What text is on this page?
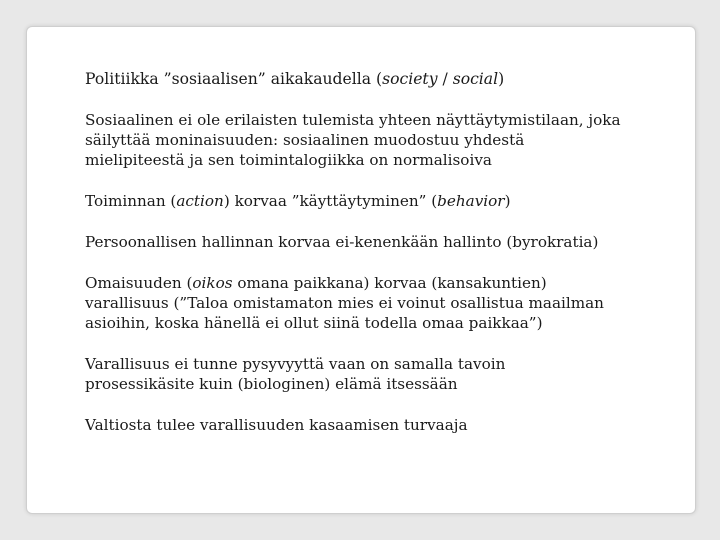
Politiikka ”sosiaalisen” aikakaudella (society / social)

Sosiaalinen ei ole erilaisten tulemista yhteen näyttäytymistilaan, joka
säilyttää moninaisuuden: sosiaalinen muodostuu yhdestä
mielipiteestä ja sen toimintalogiikka on normalisoiva

Toiminnan (action) korvaa ”käyttäytyminen” (behavior)

Persoonallisen hallinnan korvaa ei-kenenkään hallinto (byrokratia)

Omaisuuden (oikos omana paikkana) korvaa (kansakuntien)
varallisuus (”Taloa omistamaton mies ei voinut osallistua maailman
asioihin, koska hänellä ei ollut siinä todella omaa paikkaa”)

Varallisuus ei tunne pysyvyyttä vaan on samalla tavoin
prosessikäsite kuin (biologinen) elämä itsessään

Valtiosta tulee varallisuuden kasaamisen turvaaja
